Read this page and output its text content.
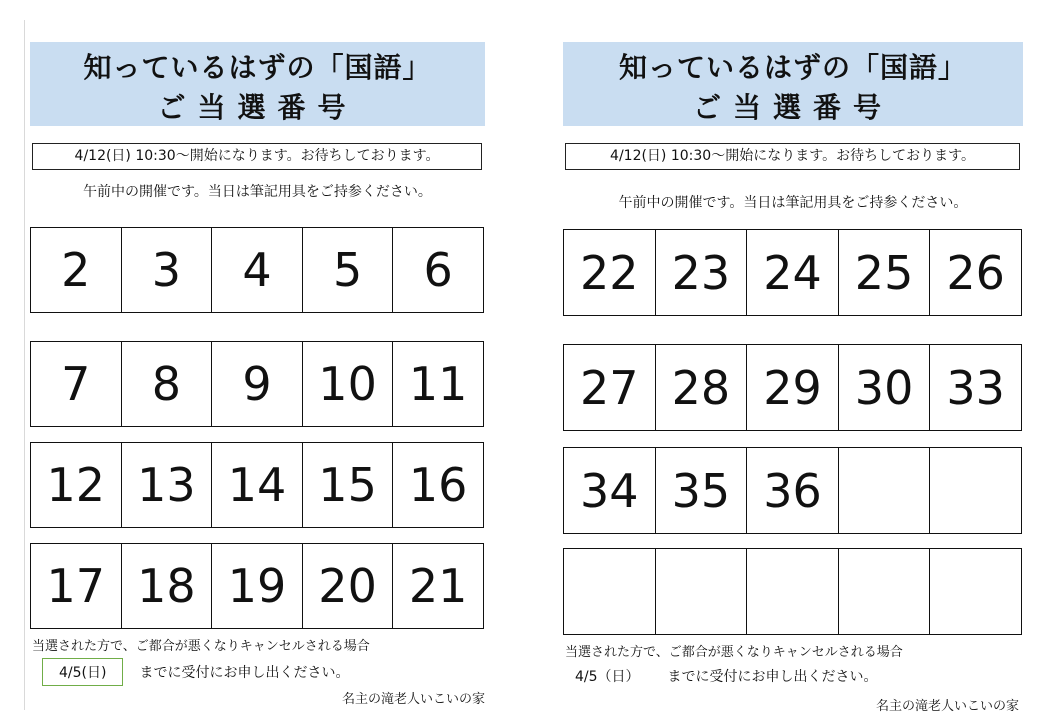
知っているはずの「国語」
ご当選番号
4/12(日) 10:30～開始になります。お待ちしております。
午前中の開催です。当日は筆記用具をご持参ください。
2	3	4	5	6
7	8	9	10 11
12 13 14 15 16
17 18 19 20 21
当選された方で、ご都合が悪くなりキャンセルされる場合
4/5(日)	までに受付にお申し出ください。
名主の滝老人いこいの家
知っているはずの「国語」
ご当選番号
4/12(日) 10:30～開始になります。お待ちしております。
午前中の開催です。当日は筆記用具をご持参ください。
22 23 24 25 26
27 28 29 30 33
34 35 36
当選された方で、ご都合が悪くなりキャンセルされる場合
4/5（日）	までに受付にお申し出ください。
名主の滝老人いこいの家
